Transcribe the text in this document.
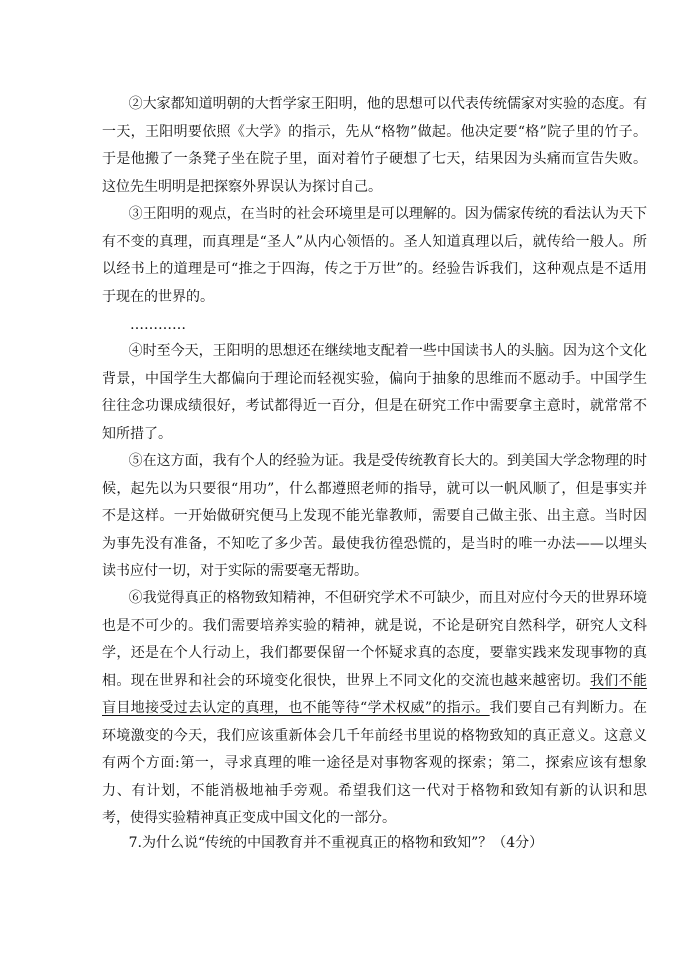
②大家都知道明朝的大哲学家王阳明，他的思想可以代表传统儒家对实验的态度。有一天，王阳明要依照《大学》的指示，先从“格物”做起。他决定要“格”院子里的竹子。于是他搬了一条凳子坐在院子里，面对着竹子硬想了七天，结果因为头痛而宣告失败。这位先生明明是把探察外界误认为探讨自己。

③王阳明的观点，在当时的社会环境里是可以理解的。因为儒家传统的看法认为天下有不变的真理，而真理是“圣人”从内心领悟的。圣人知道真理以后，就传给一般人。所以经书上的道理是可“推之于四海，传之于万世”的。经验告诉我们，这种观点是不适用于现在的世界的。

…………

④时至今天，王阳明的思想还在继续地支配着一些中国读书人的头脑。因为这个文化背景，中国学生大都偏向于理论而轻视实验，偏向于抽象的思维而不愿动手。中国学生往往念功课成绩很好，考试都得近一百分，但是在研究工作中需要拿主意时，就常常不知所措了。

⑤在这方面，我有个人的经验为证。我是受传统教育长大的。到美国大学念物理的时候，起先以为只要很“用功”，什么都遵照老师的指导，就可以一帆风顺了，但是事实并不是这样。一开始做研究便马上发现不能光靠教师，需要自己做主张、出主意。当时因为事先没有准备，不知吃了多少苦。最使我彷徨恐慌的，是当时的唯一办法——以埋头读书应付一切，对于实际的需要毫无帮助。

⑥我觉得真正的格物致知精神，不但研究学术不可缺少，而且对应付今天的世界环境也是不可少的。我们需要培养实验的精神，就是说，不论是研究自然科学，研究人文科学，还是在个人行动上，我们都要保留一个怀疑求真的态度，要靠实践来发现事物的真相。现在世界和社会的环境变化很快，世界上不同文化的交流也越来越密切。我们不能盲目地接受过去认定的真理，也不能等待“学术权威”的指示。我们要自己有判断力。在环境激变的今天，我们应该重新体会几千年前经书里说的格物致知的真正意义。这意义有两个方面:第一，寻求真理的唯一途径是对事物客观的探索；第二，探索应该有想象力、有计划，不能消极地袖手旁观。希望我们这一代对于格物和致知有新的认识和思考，使得实验精神真正变成中国文化的一部分。

7.为什么说“传统的中国教育并不重视真正的格物和致知”？（4分）
